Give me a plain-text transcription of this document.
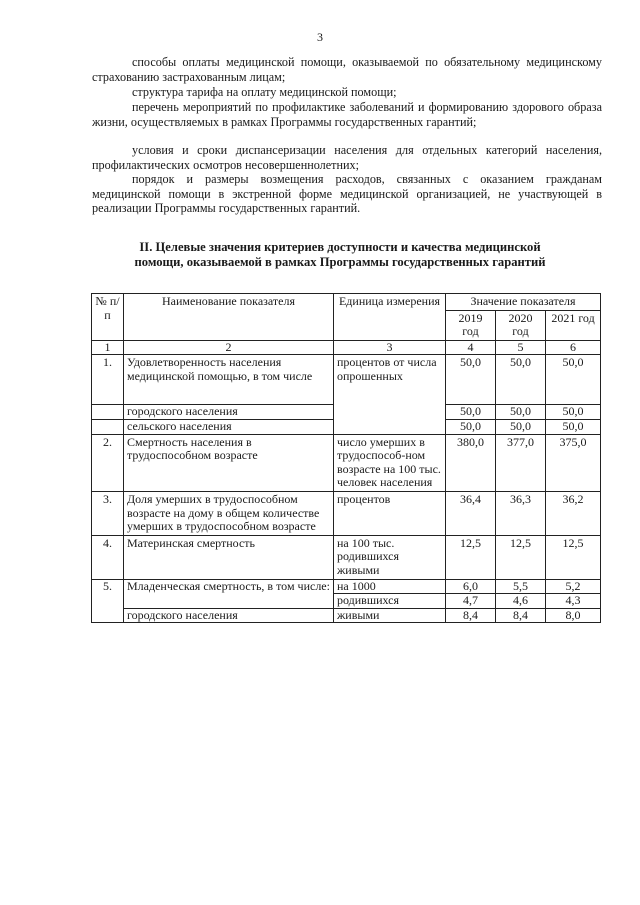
3

способы оплаты медицинской помощи, оказываемой по обязательному медицинскому страхованию застрахованным лицам;

структура тарифа на оплату медицинской помощи;

перечень мероприятий по профилактике заболеваний и формированию здорового образа жизни, осуществляемых в рамках Программы государственных гарантий;

условия и сроки диспансеризации населения для отдельных категорий населения, профилактических осмотров несовершеннолетних;

порядок и размеры возмещения расходов, связанных с оказанием гражданам медицинской помощи в экстренной форме медицинской организацией, не участвующей в реализации Программы государственных гарантий.

II. Целевые значения критериев доступности и качества медицинской помощи, оказываемой в рамках Программы государственных гарантий
№ п/п	Наименование показателя	Единица измерения	Значение показателя		
			2019 год	2020 год	2021 год
1	2	3	4	5	6
1.	Удовлетворенность населения медицинской помощью, в том числе	процентов от числа опрошенных	50,0	50,0	50,0
	городского населения		50,0	50,0	50,0
	сельского населения		50,0	50,0	50,0
2.	Смертность населения в трудоспособном возрасте	число умерших в трудоспособ-ном возрасте на 100 тыс. человек населения	380,0	377,0	375,0
3.	Доля умерших в трудоспособном возрасте на дому в общем количестве умерших в трудоспособном возрасте	процентов	36,4	36,3	36,2
4.	Материнская смертность	на 100 тыс. родившихся живыми	12,5	12,5	12,5
5.	Младенческая смертность, в том числе:	на 1000	6,0	5,5	5,2
		родившихся	4,7	4,6	4,3
	городского населения	живыми	8,4	8,4	8,0
